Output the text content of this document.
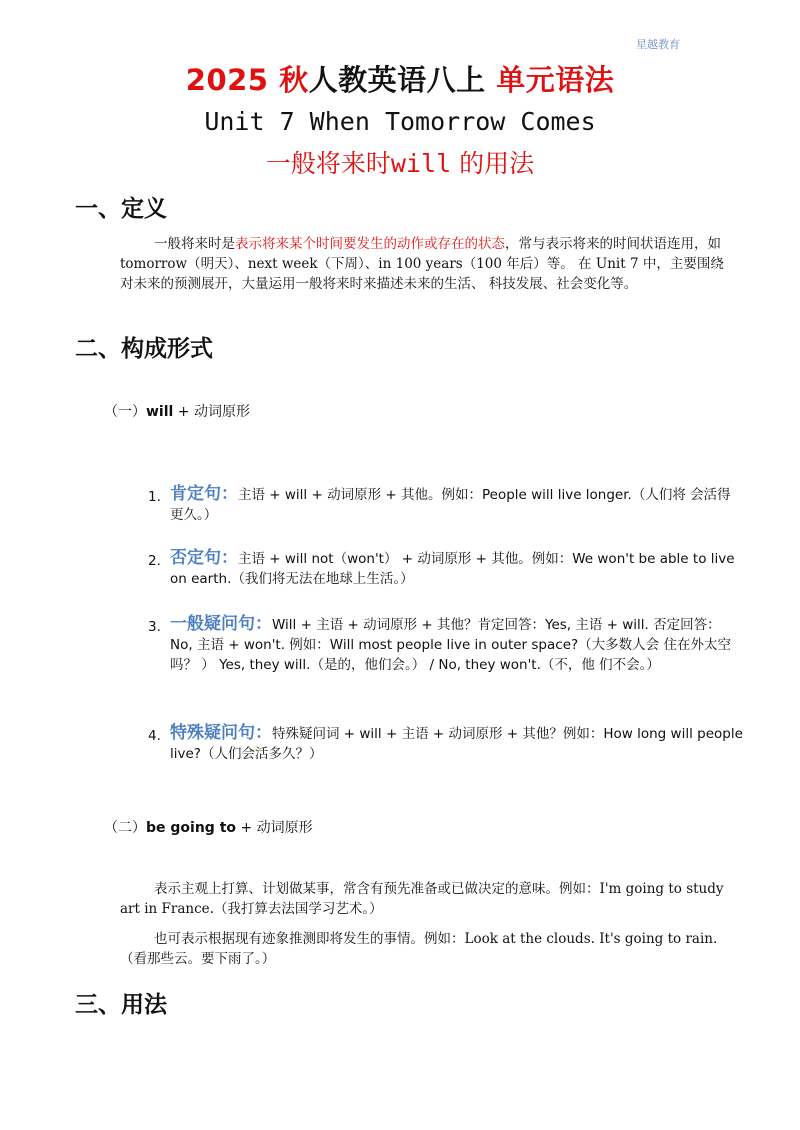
星越教育
2025 秋人教英语八上 单元语法
Unit 7 When Tomorrow Comes
一般将来时will 的用法
一、定义
一般将来时是表示将来某个时间要发生的动作或存在的状态，常与表示将来的时间状语连用，如 tomorrow（明天）、next week（下周）、in 100 years（100 年后）等。 在 Unit 7 中，主要围绕对未来的预测展开，大量运用一般将来时来描述未来的生活、 科技发展、社会变化等。
二、构成形式
（一）will + 动词原形
1. 肯定句：主语 + will + 动词原形 + 其他。例如：People will live longer.（人们将 会活得更久。）
2. 否定句：主语 + will not（won't） + 动词原形 + 其他。例如：We won't be able to live on earth.（我们将无法在地球上生活。）
3. 一般疑问句：Will + 主语 + 动词原形 + 其他？肯定回答：Yes, 主语 + will. 否定回答：No, 主语 + won't. 例如：Will most people live in outer space?（大多数人会 住在外太空吗？ ） Yes, they will.（是的，他们会。） / No, they won't.（不，他 们不会。）
4. 特殊疑问句：特殊疑问词 + will + 主语 + 动词原形 + 其他？例如：How long will people live?（人们会活多久？）
（二）be going to + 动词原形
表示主观上打算、计划做某事，常含有预先准备或已做决定的意味。例如：I'm going to study art in France.（我打算去法国学习艺术。）
也可表示根据现有迹象推测即将发生的事情。例如：Look at the clouds. It's going to rain.（看那些云。要下雨了。）
三、用法
